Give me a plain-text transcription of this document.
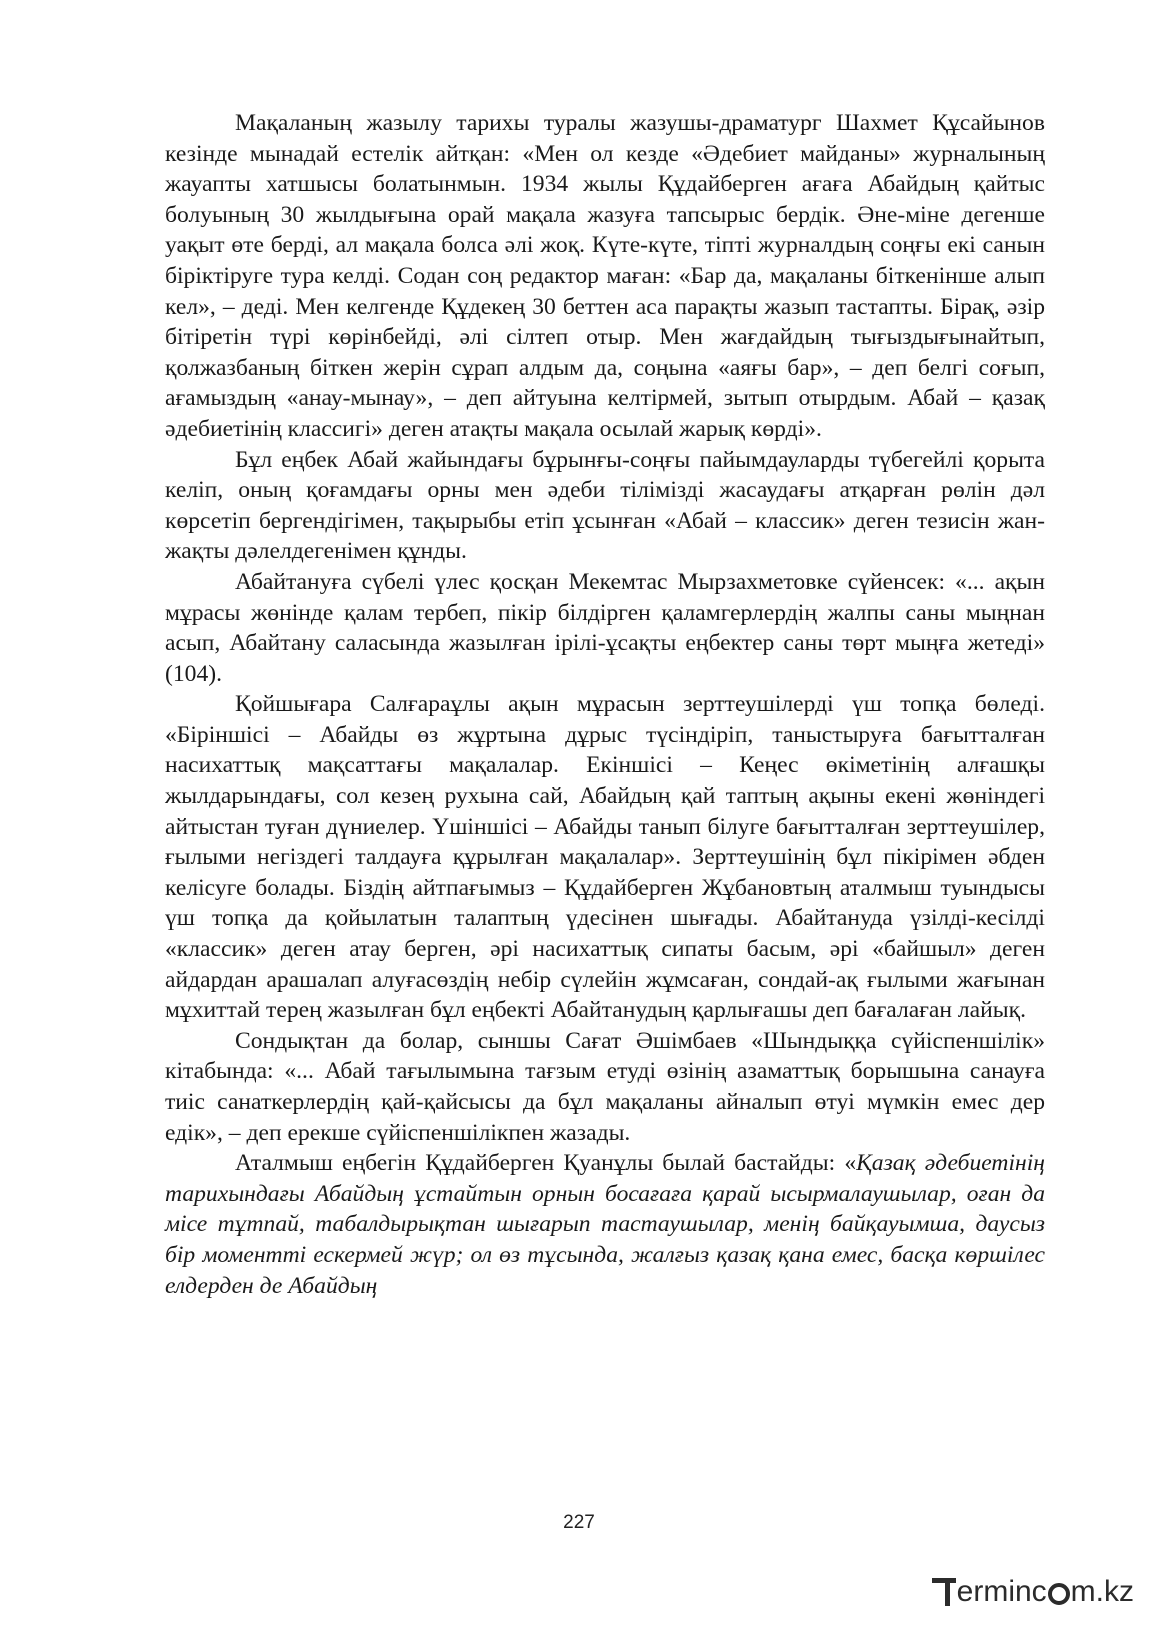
Мақаланың жазылу тарихы туралы жазушы-драматург Шахмет Құсайынов кезінде мынадай естелік айтқан: «Мен ол кезде «Әдебиет майданы» журналының жауапты хатшысы болатынмын. 1934 жылы Құдайберген ағаға Абайдың қайтыс болуының 30 жылдығына орай мақала жазуға тапсырыс бердік. Әне-міне дегенше уақыт өте берді, ал мақала болса әлі жоқ. Күте-күте, тіпті журналдың соңғы екі санын біріктіруге тура келді. Содан соң редактор маған: «Бар да, мақаланы біткенінше алып кел», – деді. Мен келгенде Құдекең 30 беттен аса парақты жазып тастапты. Бірақ, әзір бітіретін түрі көрінбейді, әлі сілтеп отыр. Мен жағдайдың тығыздығынайтып, қолжазбаның біткен жерін сұрап алдым да, соңына «аяғы бар», – деп белгі соғып, ағамыздың «анау-мынау», – деп айтуына келтірмей, зытып отырдым. Абай – қазақ әдебиетінің классигі» деген атақты мақала осылай жарық көрді».

Бұл еңбек Абай жайындағы бұрынғы-соңғы пайымдауларды түбегейлі қорыта келіп, оның қоғамдағы орны мен әдеби тілімізді жасаудағы атқарған рөлін дәл көрсетіп бергендігімен, тақырыбы етіп ұсынған «Абай – классик» деген тезисін жан-жақты дәлелдегенімен құнды.

Абайтануға сүбелі үлес қосқан Мекемтас Мырзахметовке сүйенсек: «... ақын мұрасы жөнінде қалам тербеп, пікір білдірген қаламгерлердің жалпы саны мыңнан асып, Абайтану саласында жазылған ірілі-ұсақты еңбектер саны төрт мыңға жетеді» (104).

Қойшығара Салғараұлы ақын мұрасын зерттеушілерді үш топқа бөледі. «Біріншісі – Абайды өз жұртына дұрыс түсіндіріп, таныстыруға бағытталған насихаттық мақсаттағы мақалалар. Екіншісі – Кеңес өкіметінің алғашқы жылдарындағы, сол кезең рухына сай, Абайдың қай таптың ақыны екені жөніндегі айтыстан туған дүниелер. Үшіншісі – Абайды танып білуге бағытталған зерттеушілер, ғылыми негіздегі талдауға құрылған мақалалар». Зерттеушінің бұл пікірімен әбден келісуге болады. Біздің айтпағымыз – Құдайберген Жұбановтың аталмыш туындысы үш топқа да қойылатын талаптың үдесінен шығады. Абайтануда үзілді-кесілді «классик» деген атау берген, әрі насихаттық сипаты басым, әрі «байшыл» деген айдардан арашалап алуғасөздің небір сүлейін жұмсаған, сондай-ақ ғылыми жағынан мұхиттай терең жазылған бұл еңбекті Абайтанудың қарлығашы деп бағалаған лайық.

Сондықтан да болар, сыншы Сағат Әшімбаев «Шындыққа сүйіспеншілік» кітабында: «... Абай тағылымына тағзым етуді өзінің азаматтық борышына санауға тиіс санаткерлердің қай-қайсысы да бұл мақаланы айналып өтуі мүмкін емес дер едік», – деп ерекше сүйіспеншілікпен жазады.

Аталмыш еңбегін Құдайберген Қуанұлы былай бастайды: «Қазақ әдебиетінің тарихындағы Абайдың ұстайтын орнын босағаға қарай ысырмалаушылар, оған да місе тұтпай, табалдырықтан шығарып тастаушылар, менің байқауымша, даусыз бір моментті ескермей жүр; ол өз тұсында, жалғыз қазақ қана емес, басқа көршілес елдерден де Абайдың

227
ermin c m.kz
